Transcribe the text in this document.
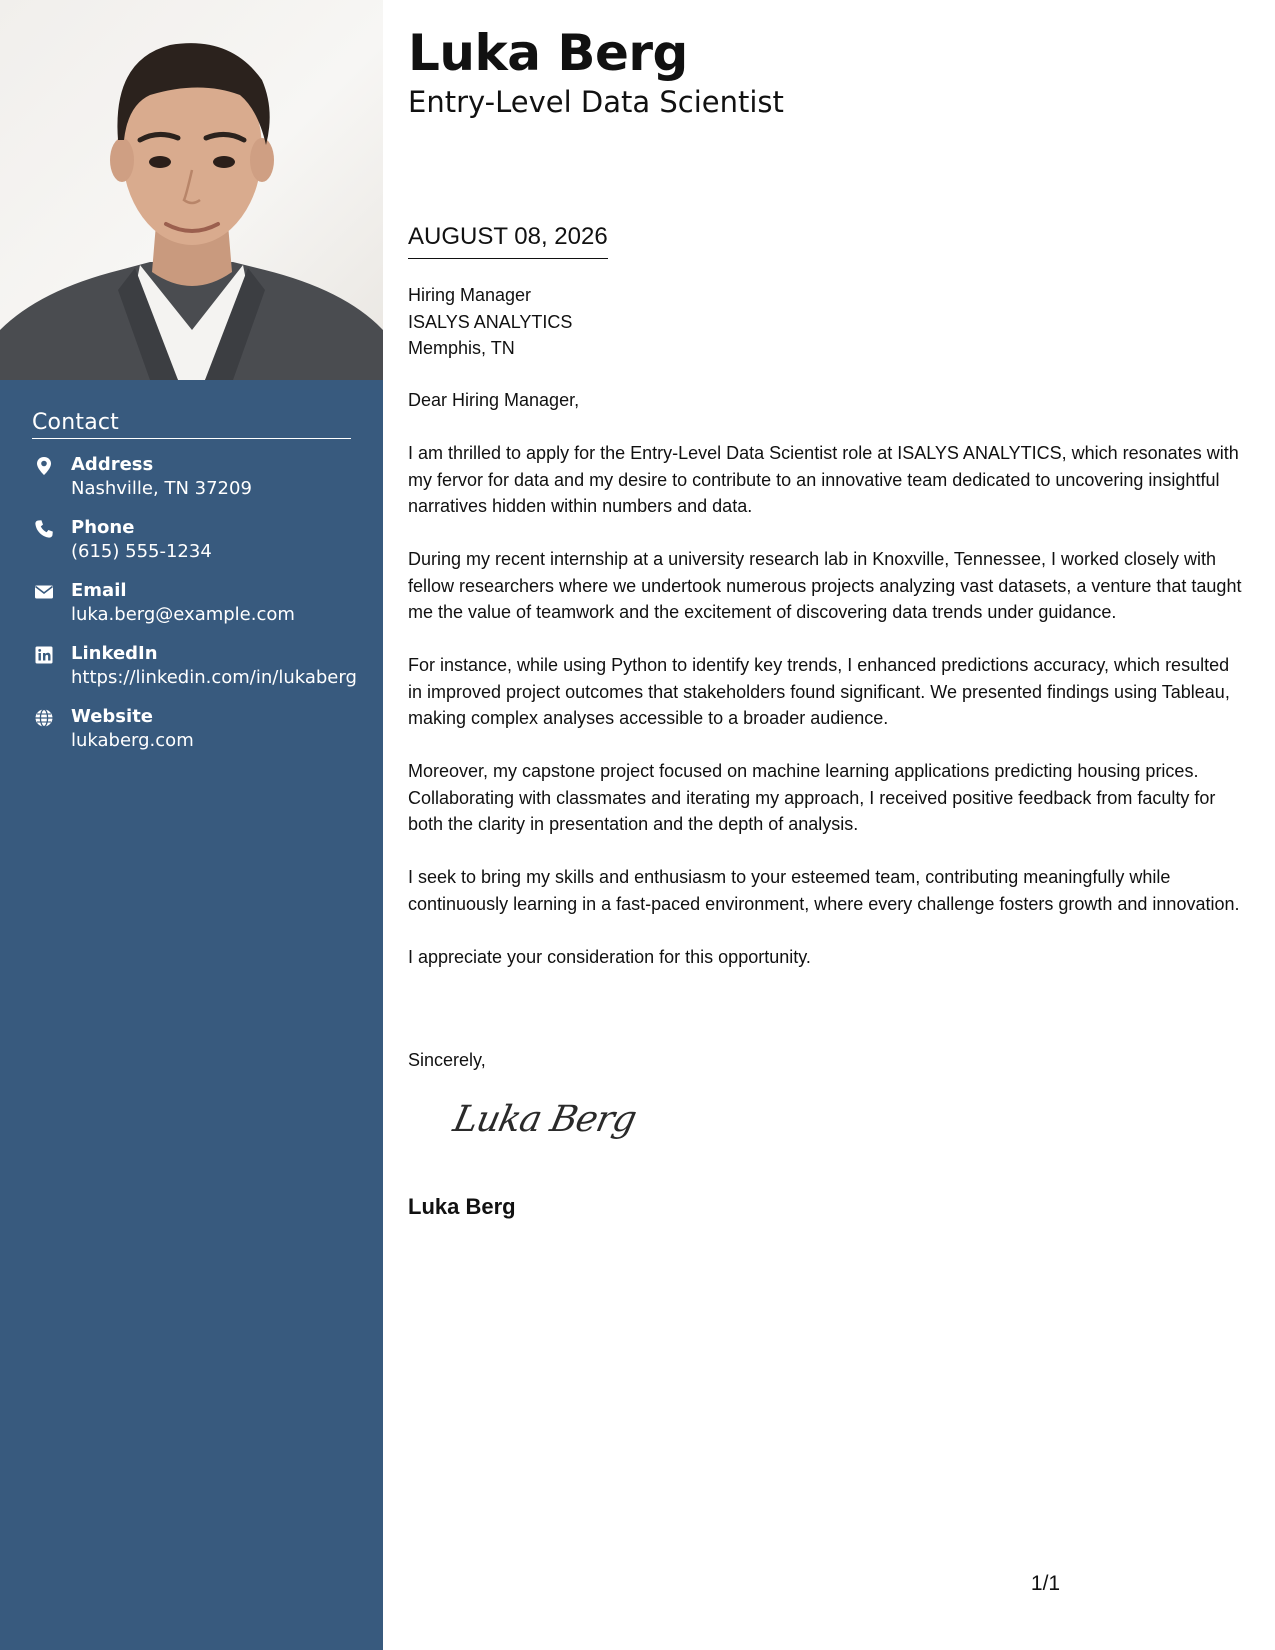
Contact
Address
Nashville, TN 37209
Phone
(615) 555-1234
Email
luka.berg@example.com
LinkedIn
https://linkedin.com/in/lukaberg
Website
lukaberg.com
Luka Berg
Entry-Level Data Scientist
AUGUST 08, 2026
Hiring Manager
ISALYS ANALYTICS
Memphis, TN

Dear Hiring Manager,

I am thrilled to apply for the Entry-Level Data Scientist role at ISALYS ANALYTICS, which resonates with my fervor for data and my desire to contribute to an innovative team dedicated to uncovering insightful narratives hidden within numbers and data.

During my recent internship at a university research lab in Knoxville, Tennessee, I worked closely with fellow researchers where we undertook numerous projects analyzing vast datasets, a venture that taught me the value of teamwork and the excitement of discovering data trends under guidance.

For instance, while using Python to identify key trends, I enhanced predictions accuracy, which resulted in improved project outcomes that stakeholders found significant. We presented findings using Tableau, making complex analyses accessible to a broader audience.

Moreover, my capstone project focused on machine learning applications predicting housing prices. Collaborating with classmates and iterating my approach, I received positive feedback from faculty for both the clarity in presentation and the depth of analysis.

I seek to bring my skills and enthusiasm to your esteemed team, contributing meaningfully while continuously learning in a fast-paced environment, where every challenge fosters growth and innovation.

I appreciate your consideration for this opportunity.

Sincerely,
Luka Berg
Luka Berg
1/1
